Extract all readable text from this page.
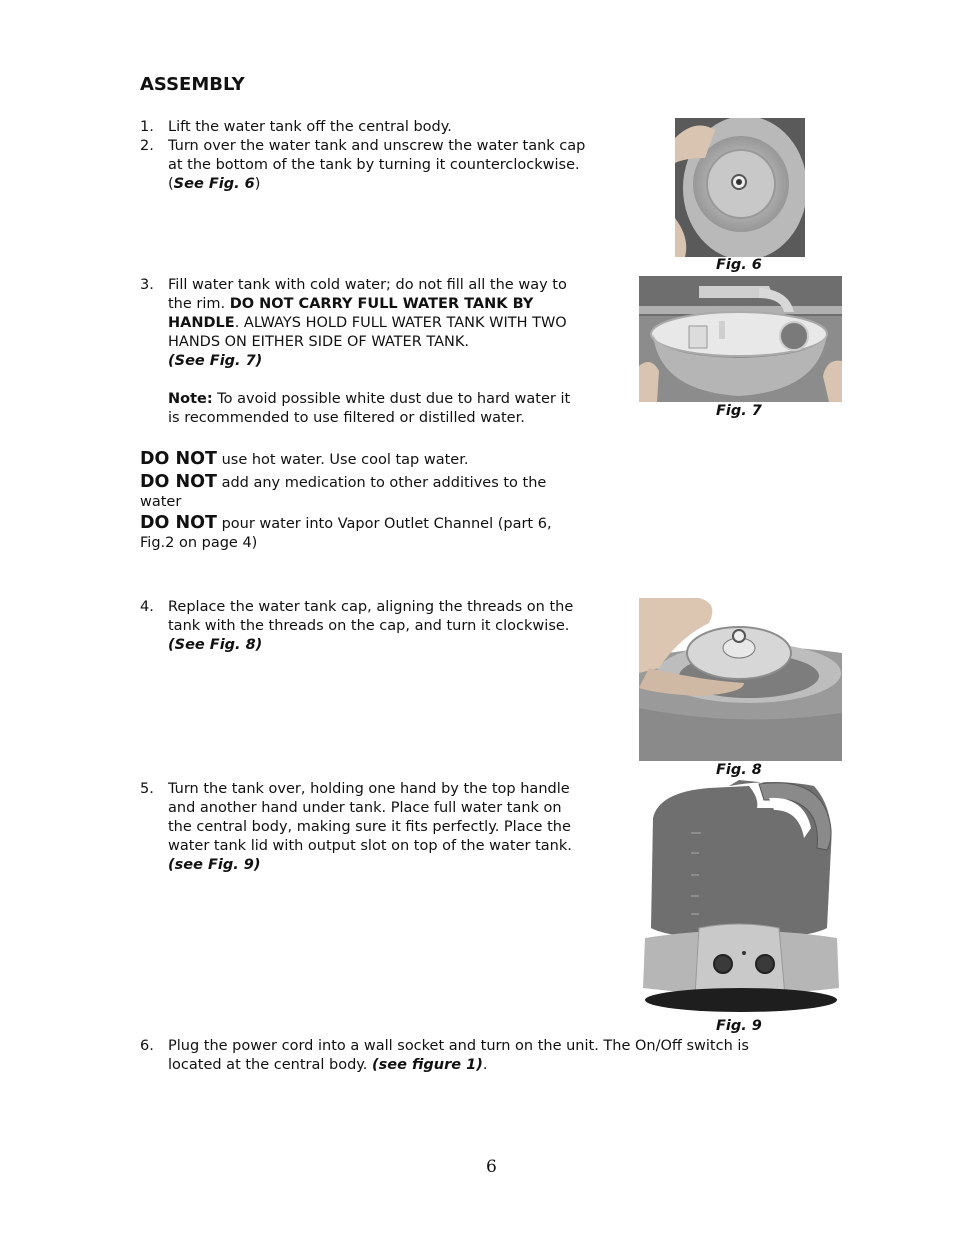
ASSEMBLY
1. Lift the water tank off the central body.
2. Turn over the water tank and unscrew the water tank cap
at the bottom of the tank by turning it counterclockwise.
(See Fig. 6)
Fig. 6
3. Fill water tank with cold water; do not fill all the way to
the rim. DO NOT CARRY FULL WATER TANK BY
HANDLE. ALWAYS HOLD FULL WATER TANK WITH TWO
HANDS ON EITHER SIDE OF WATER TANK.
(See Fig. 7)
Note: To avoid possible white dust due to hard water it
is recommended to use filtered or distilled water.	Fig. 7
DO NOT use hot water. Use cool tap water.
DO NOT add any medication to other additives to the
water
DO NOT pour water into Vapor Outlet Channel (part 6,
Fig.2 on page 4)
4. Replace the water tank cap, aligning the threads on the
tank with the threads on the cap, and turn it clockwise.
(See Fig. 8)
Fig. 8
5. Turn the tank over, holding one hand by the top handle
and another hand under tank. Place full water tank on
the central body, making sure it fits perfectly. Place the
water tank lid with output slot on top of the water tank.
(see Fig. 9)
Fig. 9
6. Plug the power cord into a wall socket and turn on the unit. The On/Off switch is
located at the central body. (see figure 1).
6
